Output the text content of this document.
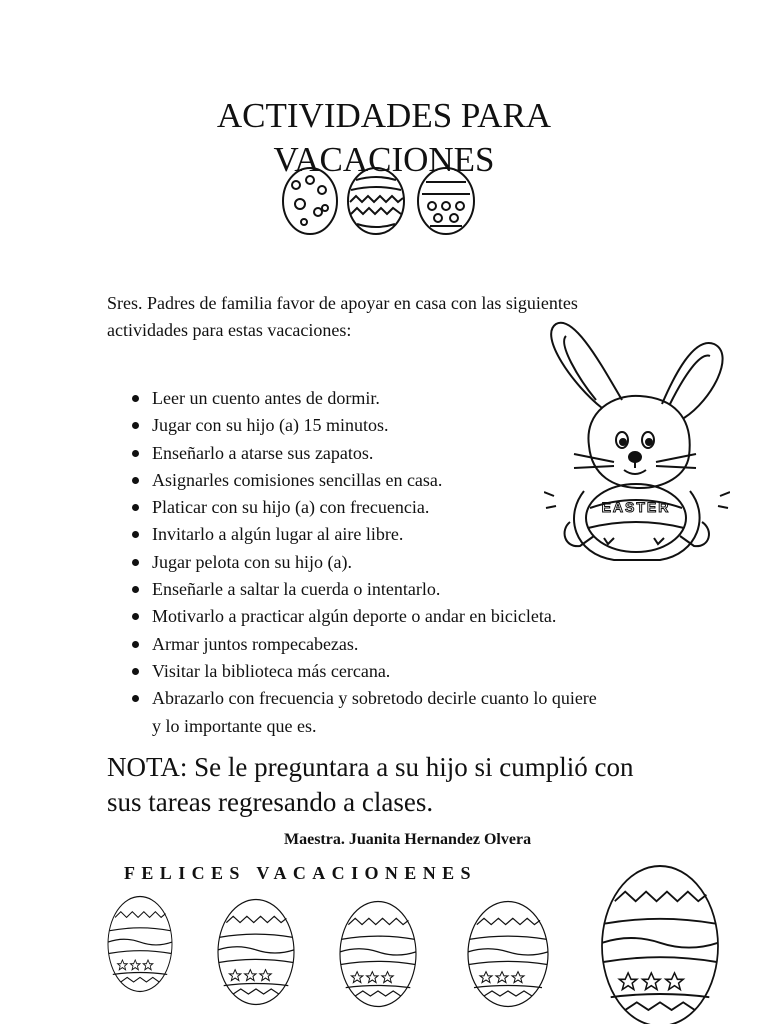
ACTIVIDADES PARA
VACACIONES

Sres. Padres de familia favor de apoyar en casa con las siguientes
actividades para estas vacaciones:

EASTER
Leer un cuento antes de dormir.
Jugar con su hijo (a) 15 minutos.
Enseñarlo a atarse sus zapatos.
Asignarles comisiones sencillas en casa.
Platicar con su hijo (a) con frecuencia.
Invitarlo a algún lugar al aire libre.
Jugar pelota con su hijo (a).
Enseñarle a saltar la cuerda o intentarlo.
Motivarlo a practicar algún deporte o andar en bicicleta.
Armar juntos rompecabezas.
Visitar la biblioteca más cercana.
Abrazarlo con frecuencia y sobretodo decirle cuanto lo quiere
y lo importante que es.

NOTA: Se le preguntara a su hijo si cumplió con
sus tareas regresando a clases.

Maestra. Juanita Hernandez Olvera

FELICES VACACIONENES
